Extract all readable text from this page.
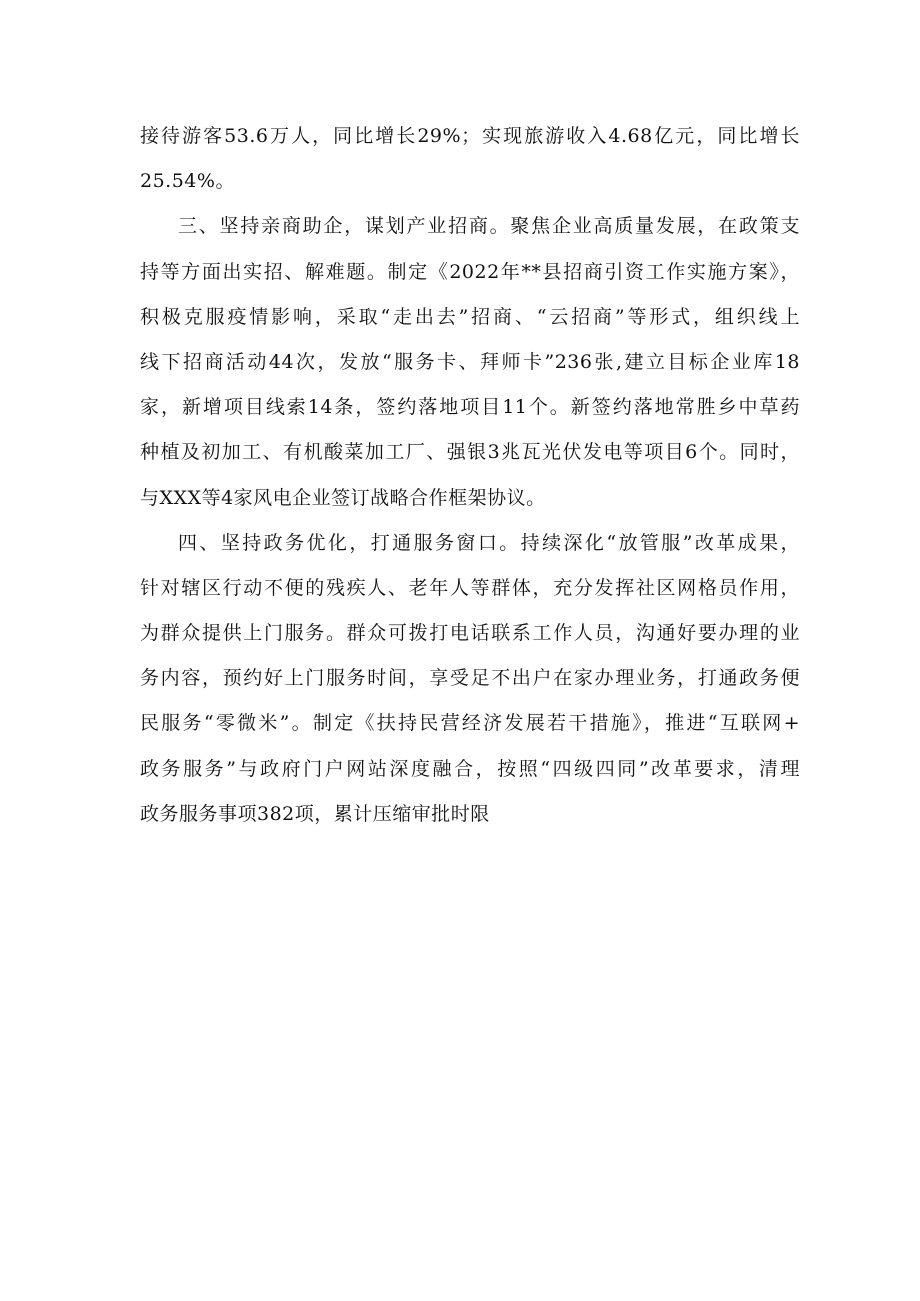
接待游客53.6万人，同比增长29%；实现旅游收入4.68亿元，同比增长
25.54%。
三、坚持亲商助企，谋划产业招商。聚焦企业高质量发展，在政策支
持等方面出实招、解难题。制定《2022年**县招商引资工作实施方案》，
积极克服疫情影响，采取“走出去”招商、“云招商”等形式，组织线上
线下招商活动44次，发放“服务卡、拜师卡”236张,建立目标企业库18
家，新增项目线索14条，签约落地项目11个。新签约落地常胜乡中草药
种植及初加工、有机酸菜加工厂、强银3兆瓦光伏发电等项目6个。同时，
与XXX等4家风电企业签订战略合作框架协议。
四、坚持政务优化，打通服务窗口。持续深化“放管服”改革成果，
针对辖区行动不便的残疾人、老年人等群体，充分发挥社区网格员作用，
为群众提供上门服务。群众可拨打电话联系工作人员，沟通好要办理的业
务内容，预约好上门服务时间，享受足不出户在家办理业务，打通政务便
民服务“零微米”。制定《扶持民营经济发展若干措施》，推进“互联网+
政务服务”与政府门户网站深度融合，按照“四级四同”改革要求，清理
政务服务事项382项，累计压缩审批时限
